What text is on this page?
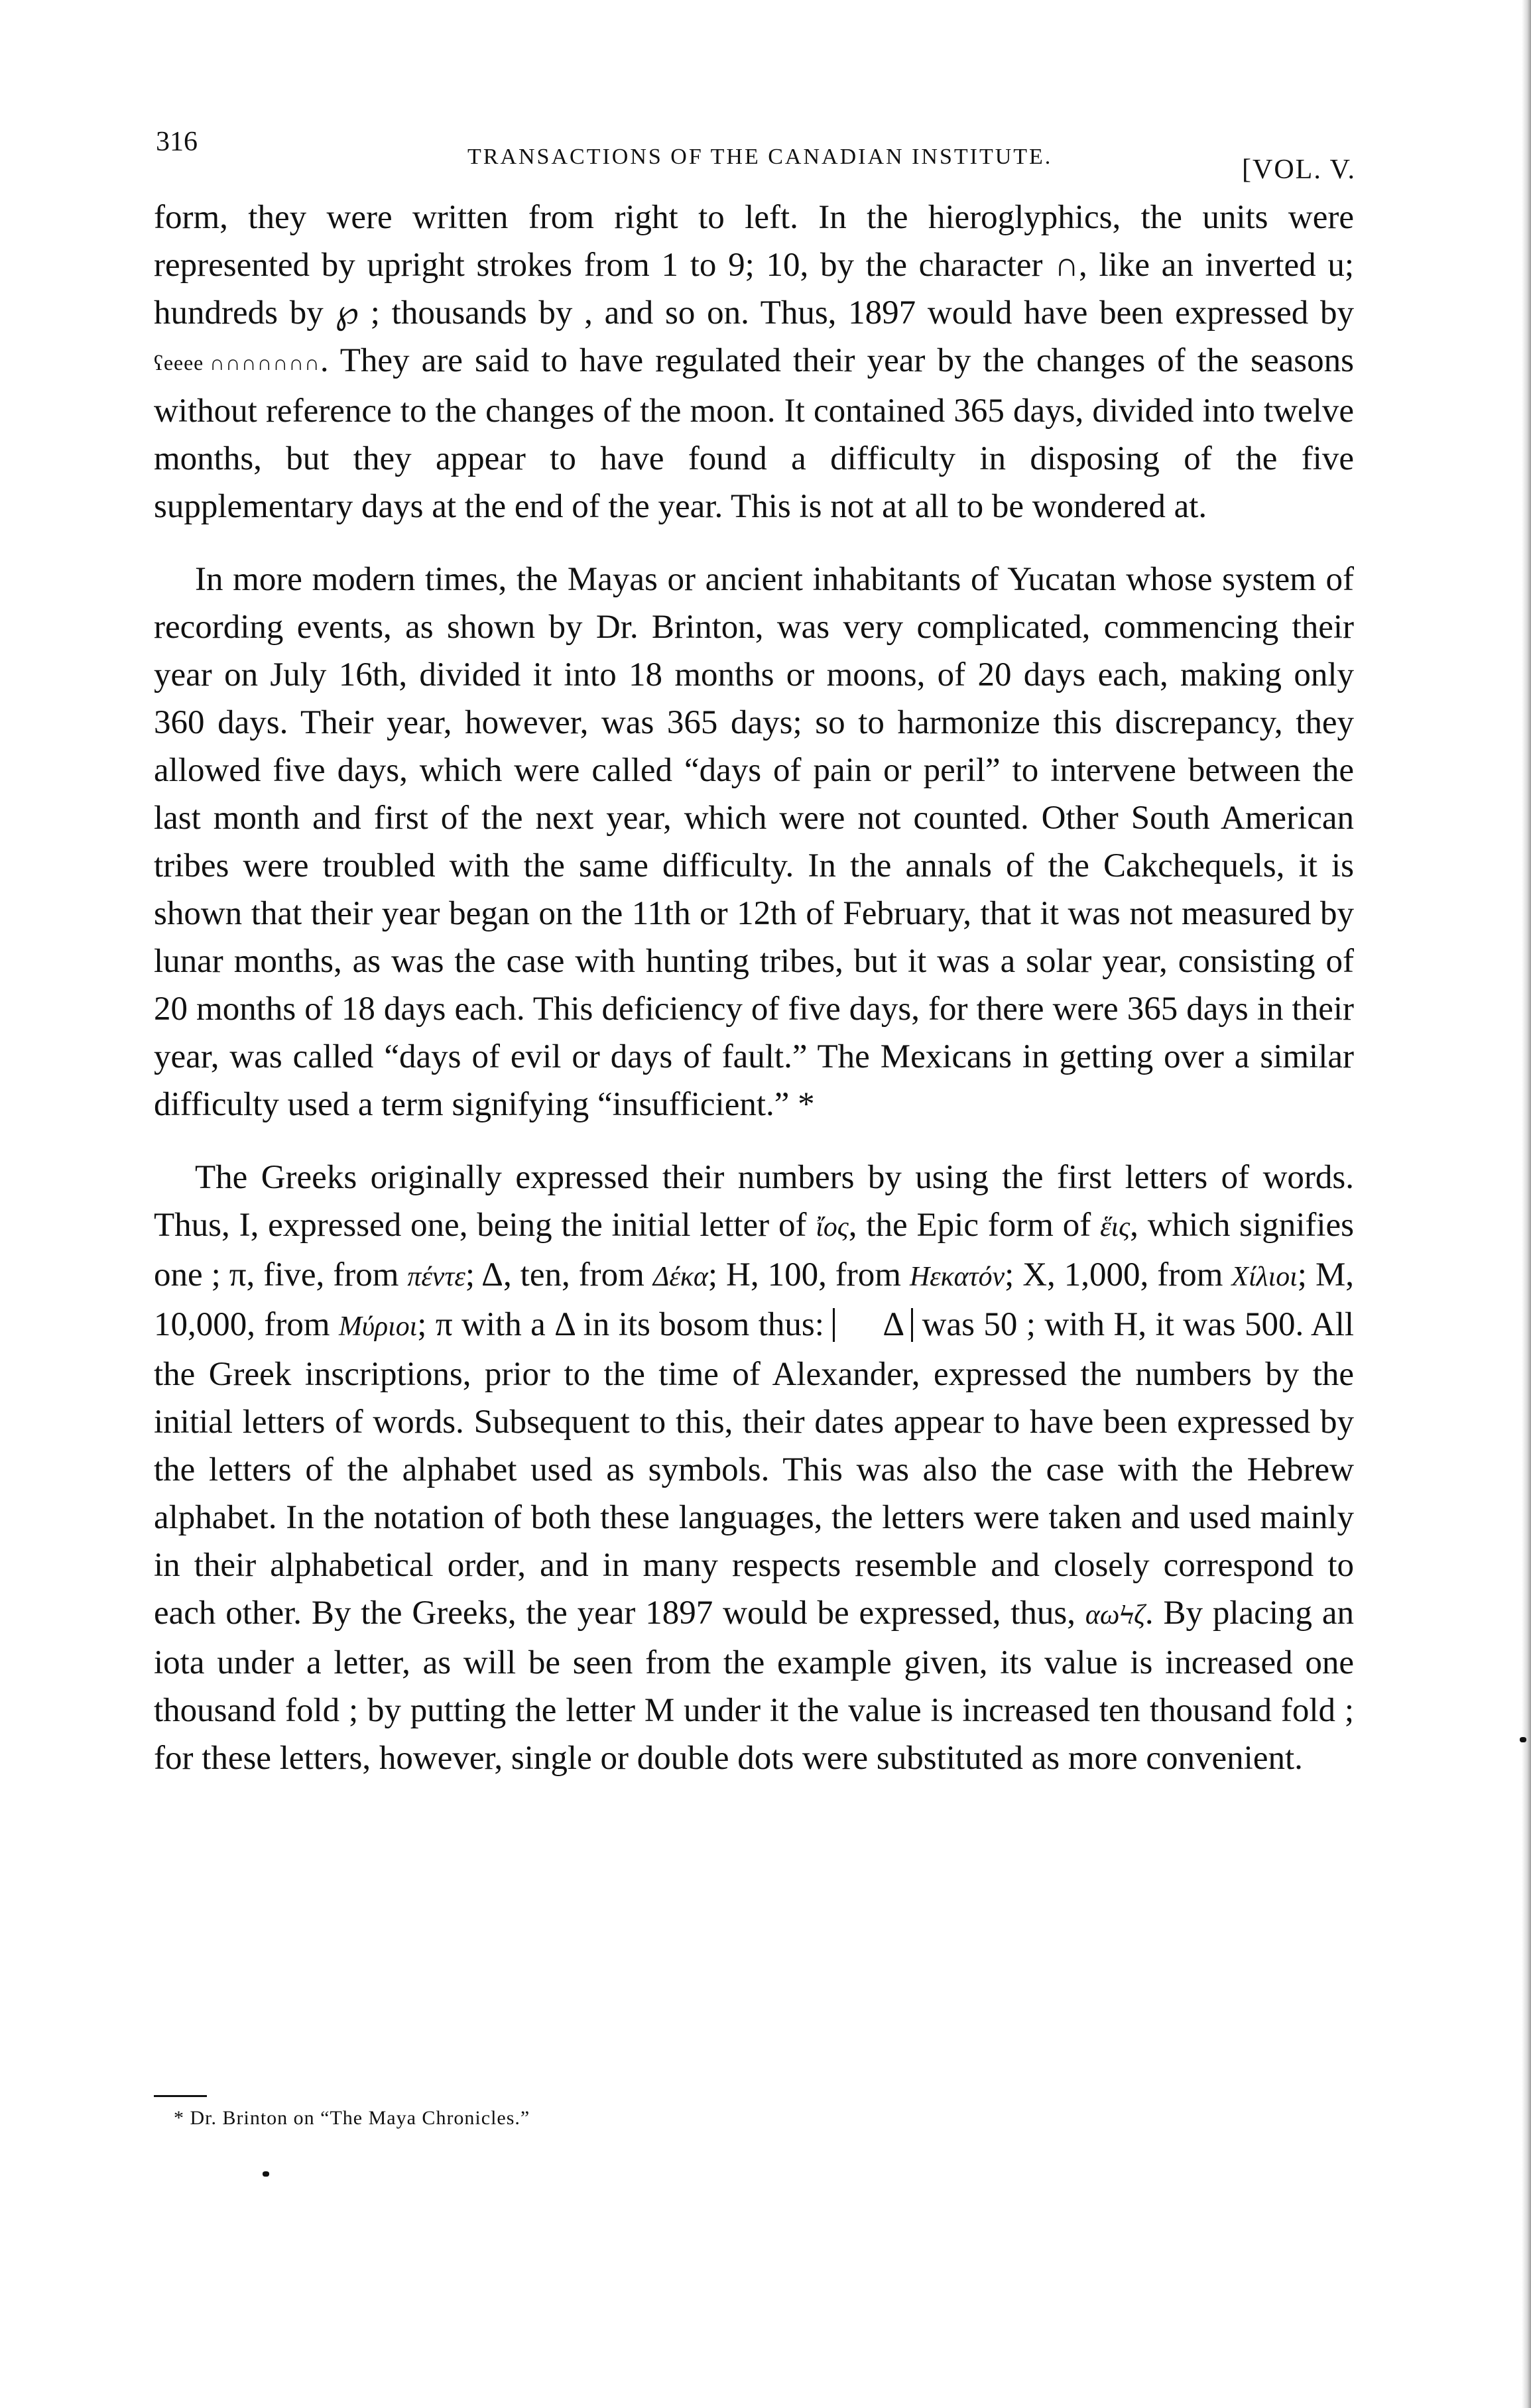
316	TRANSACTIONS OF THE CANADIAN INSTITUTE.	[VOL. V.

form, they were written from right to left. In the hieroglyphics, the units were represented by upright strokes from 1 to 9; 10, by the character ∩, like an inverted u; hundreds by ℘ ; thousands by , and so on. Thus, 1897 would have been expressed by ʕeeee ∩∩∩∩∩∩∩. They are said to have regulated their year by the changes of the seasons without reference to the changes of the moon. It contained 365 days, divided into twelve months, but they appear to have found a difficulty in disposing of the five supplementary days at the end of the year. This is not at all to be wondered at.

In more modern times, the Mayas or ancient inhabitants of Yucatan whose system of recording events, as shown by Dr. Brinton, was very complicated, commencing their year on July 16th, divided it into 18 months or moons, of 20 days each, making only 360 days. Their year, however, was 365 days; so to harmonize this discrepancy, they allowed five days, which were called “days of pain or peril” to intervene between the last month and first of the next year, which were not counted. Other South American tribes were troubled with the same difficulty. In the annals of the Cakchequels, it is shown that their year began on the 11th or 12th of February, that it was not measured by lunar months, as was the case with hunting tribes, but it was a solar year, consisting of 20 months of 18 days each. This deficiency of five days, for there were 365 days in their year, was called “days of evil or days of fault.” The Mexicans in getting over a similar difficulty used a term signifying “insufficient.” *

The Greeks originally expressed their numbers by using the first letters of words. Thus, I, expressed one, being the initial letter of ἴος, the Epic form of ἕις, which signifies one ; π, five, from πέντε; Δ, ten, from Δέκα; H, 100, from Ηεκατόν; X, 1,000, from Χίλιοι; M, 10,000, from Μύριοι; π with a Δ in its bosom thus: Δ was 50 ; with H, it was 500. All the Greek inscriptions, prior to the time of Alexander, expressed the numbers by the initial letters of words. Subsequent to this, their dates appear to have been expressed by the letters of the alphabet used as symbols. This was also the case with the Hebrew alphabet. In the notation of both these languages, the letters were taken and used mainly in their alphabetical order, and in many respects resemble and closely correspond to each other. By the Greeks, the year 1897 would be expressed, thus, αωϞζ. By placing an iota under a letter, as will be seen from the example given, its value is increased one thousand fold ; by putting the letter M under it the value is increased ten thousand fold ; for these letters, however, single or double dots were substituted as more convenient.

* Dr. Brinton on “The Maya Chronicles.”
